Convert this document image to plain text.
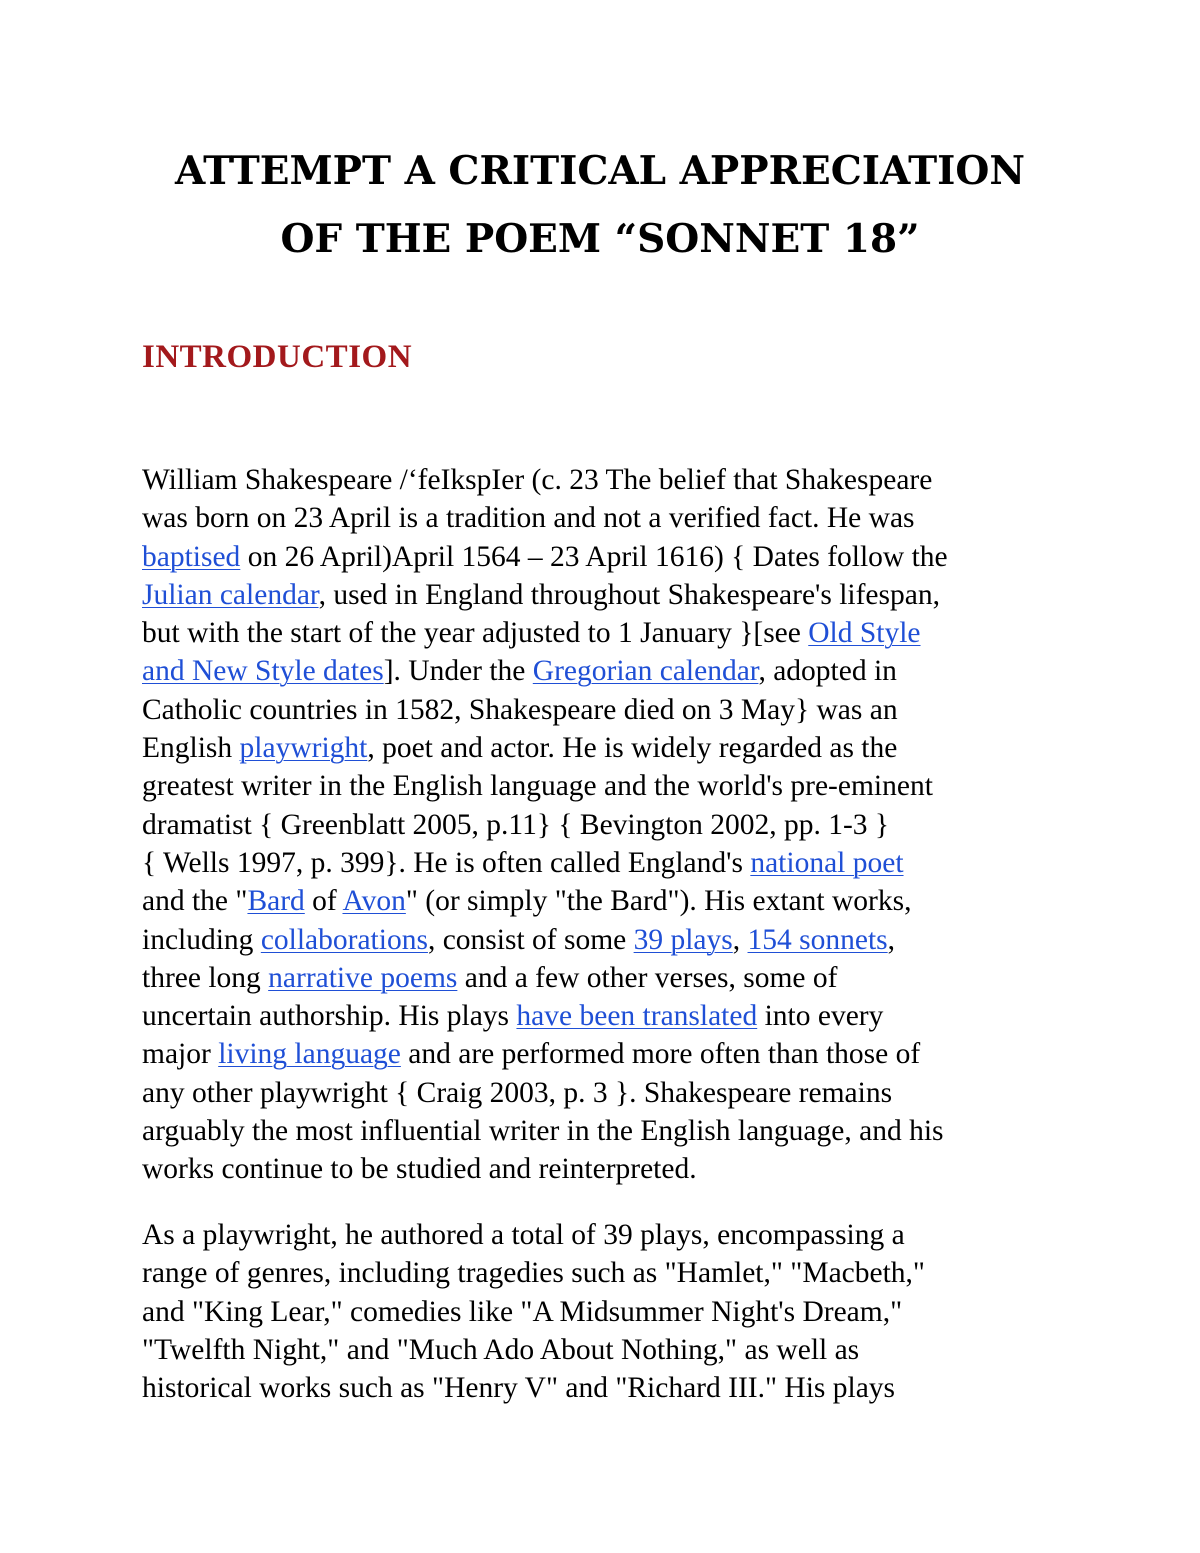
ATTEMPT A CRITICAL APPRECIATION
OF THE POEM “SONNET 18”
INTRODUCTION

William Shakespeare /‘feIkspIer (c. 23 The belief that Shakespeare
was born on 23 April is a tradition and not a verified fact. He was
baptised on 26 April)April 1564 – 23 April 1616) { Dates follow the
Julian calendar, used in England throughout Shakespeare's lifespan,
but with the start of the year adjusted to 1 January }[see Old Style
and New Style dates]. Under the Gregorian calendar, adopted in
Catholic countries in 1582, Shakespeare died on 3 May} was an
English playwright, poet and actor. He is widely regarded as the
greatest writer in the English language and the world's pre-eminent
dramatist { Greenblatt 2005, p.11} { Bevington 2002, pp. 1-3 }
{ Wells 1997, p. 399}. He is often called England's national poet
and the "Bard of Avon" (or simply "the Bard"). His extant works,
including collaborations, consist of some 39 plays, 154 sonnets,
three long narrative poems and a few other verses, some of
uncertain authorship. His plays have been translated into every
major living language and are performed more often than those of
any other playwright { Craig 2003, p. 3 }. Shakespeare remains
arguably the most influential writer in the English language, and his
works continue to be studied and reinterpreted.

As a playwright, he authored a total of 39 plays, encompassing a
range of genres, including tragedies such as "Hamlet," "Macbeth,"
and "King Lear," comedies like "A Midsummer Night's Dream,"
"Twelfth Night," and "Much Ado About Nothing," as well as
historical works such as "Henry V" and "Richard III." His plays
